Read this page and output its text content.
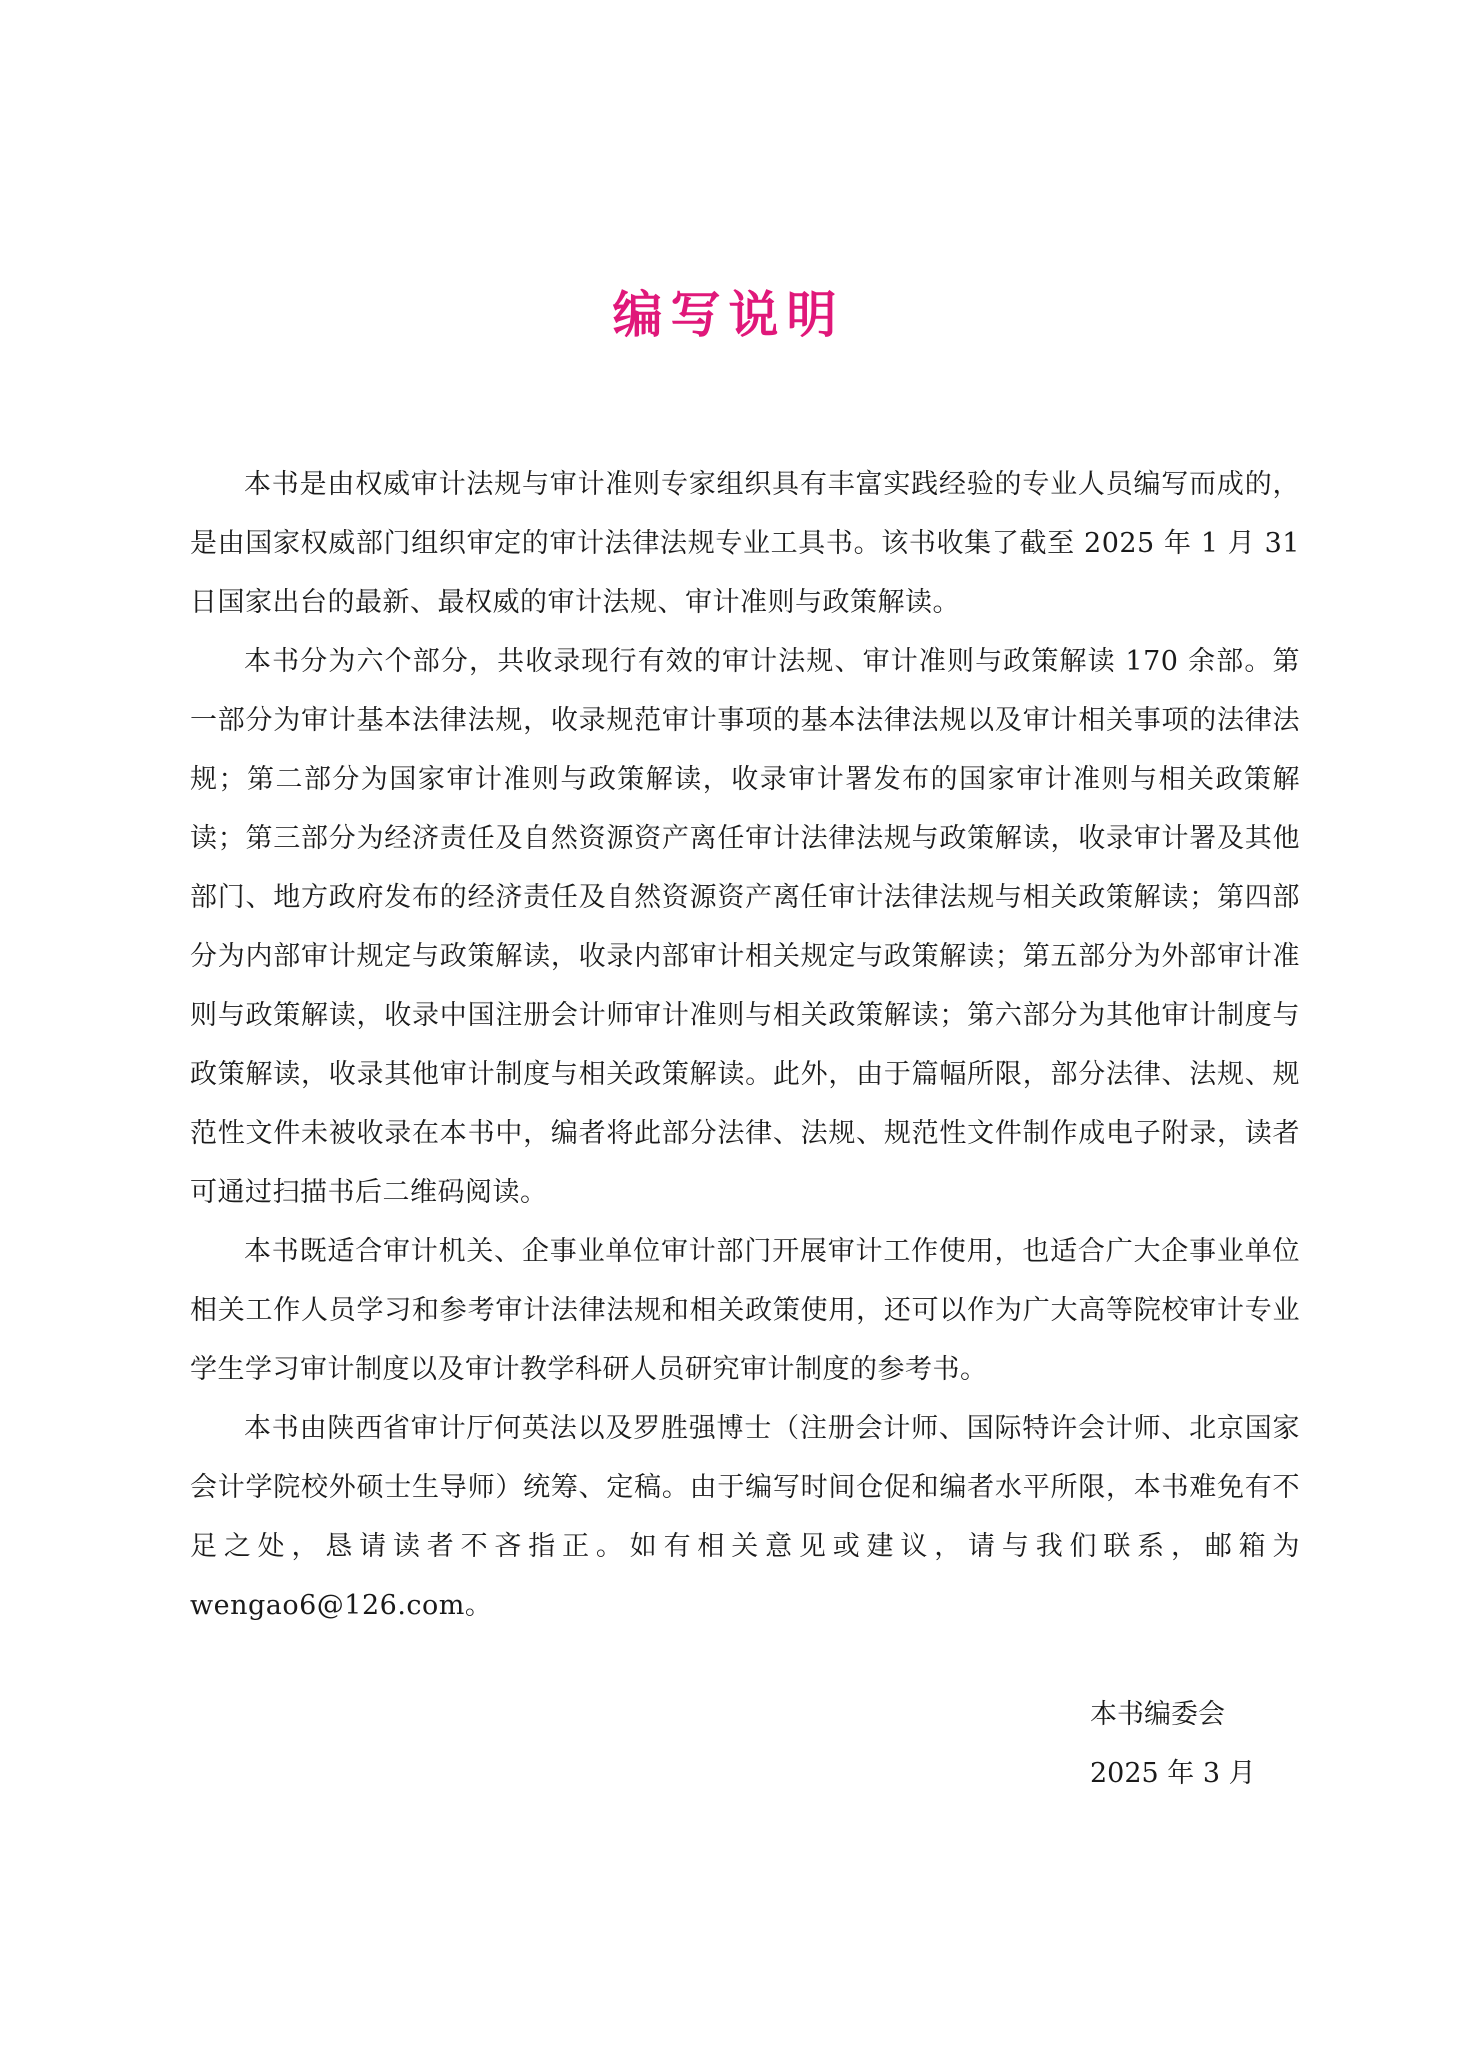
编写说明

本书是由权威审计法规与审计准则专家组织具有丰富实践经验的专业人员编写而成的，是由国家权威部门组织审定的审计法律法规专业工具书。该书收集了截至 2025 年 1 月 31 日国家出台的最新、最权威的审计法规、审计准则与政策解读。

本书分为六个部分，共收录现行有效的审计法规、审计准则与政策解读 170 余部。第一部分为审计基本法律法规，收录规范审计事项的基本法律法规以及审计相关事项的法律法规；第二部分为国家审计准则与政策解读，收录审计署发布的国家审计准则与相关政策解读；第三部分为经济责任及自然资源资产离任审计法律法规与政策解读，收录审计署及其他部门、地方政府发布的经济责任及自然资源资产离任审计法律法规与相关政策解读；第四部分为内部审计规定与政策解读，收录内部审计相关规定与政策解读；第五部分为外部审计准则与政策解读，收录中国注册会计师审计准则与相关政策解读；第六部分为其他审计制度与政策解读，收录其他审计制度与相关政策解读。此外，由于篇幅所限，部分法律、法规、规范性文件未被收录在本书中，编者将此部分法律、法规、规范性文件制作成电子附录，读者可通过扫描书后二维码阅读。

本书既适合审计机关、企事业单位审计部门开展审计工作使用，也适合广大企事业单位相关工作人员学习和参考审计法律法规和相关政策使用，还可以作为广大高等院校审计专业学生学习审计制度以及审计教学科研人员研究审计制度的参考书。

本书由陕西省审计厅何英法以及罗胜强博士（注册会计师、国际特许会计师、北京国家会计学院校外硕士生导师）统筹、定稿。由于编写时间仓促和编者水平所限，本书难免有不足之处，恳请读者不吝指正。如有相关意见或建议，请与我们联系，邮箱为 wengao6@126.com。

本书编委会
2025 年 3 月
